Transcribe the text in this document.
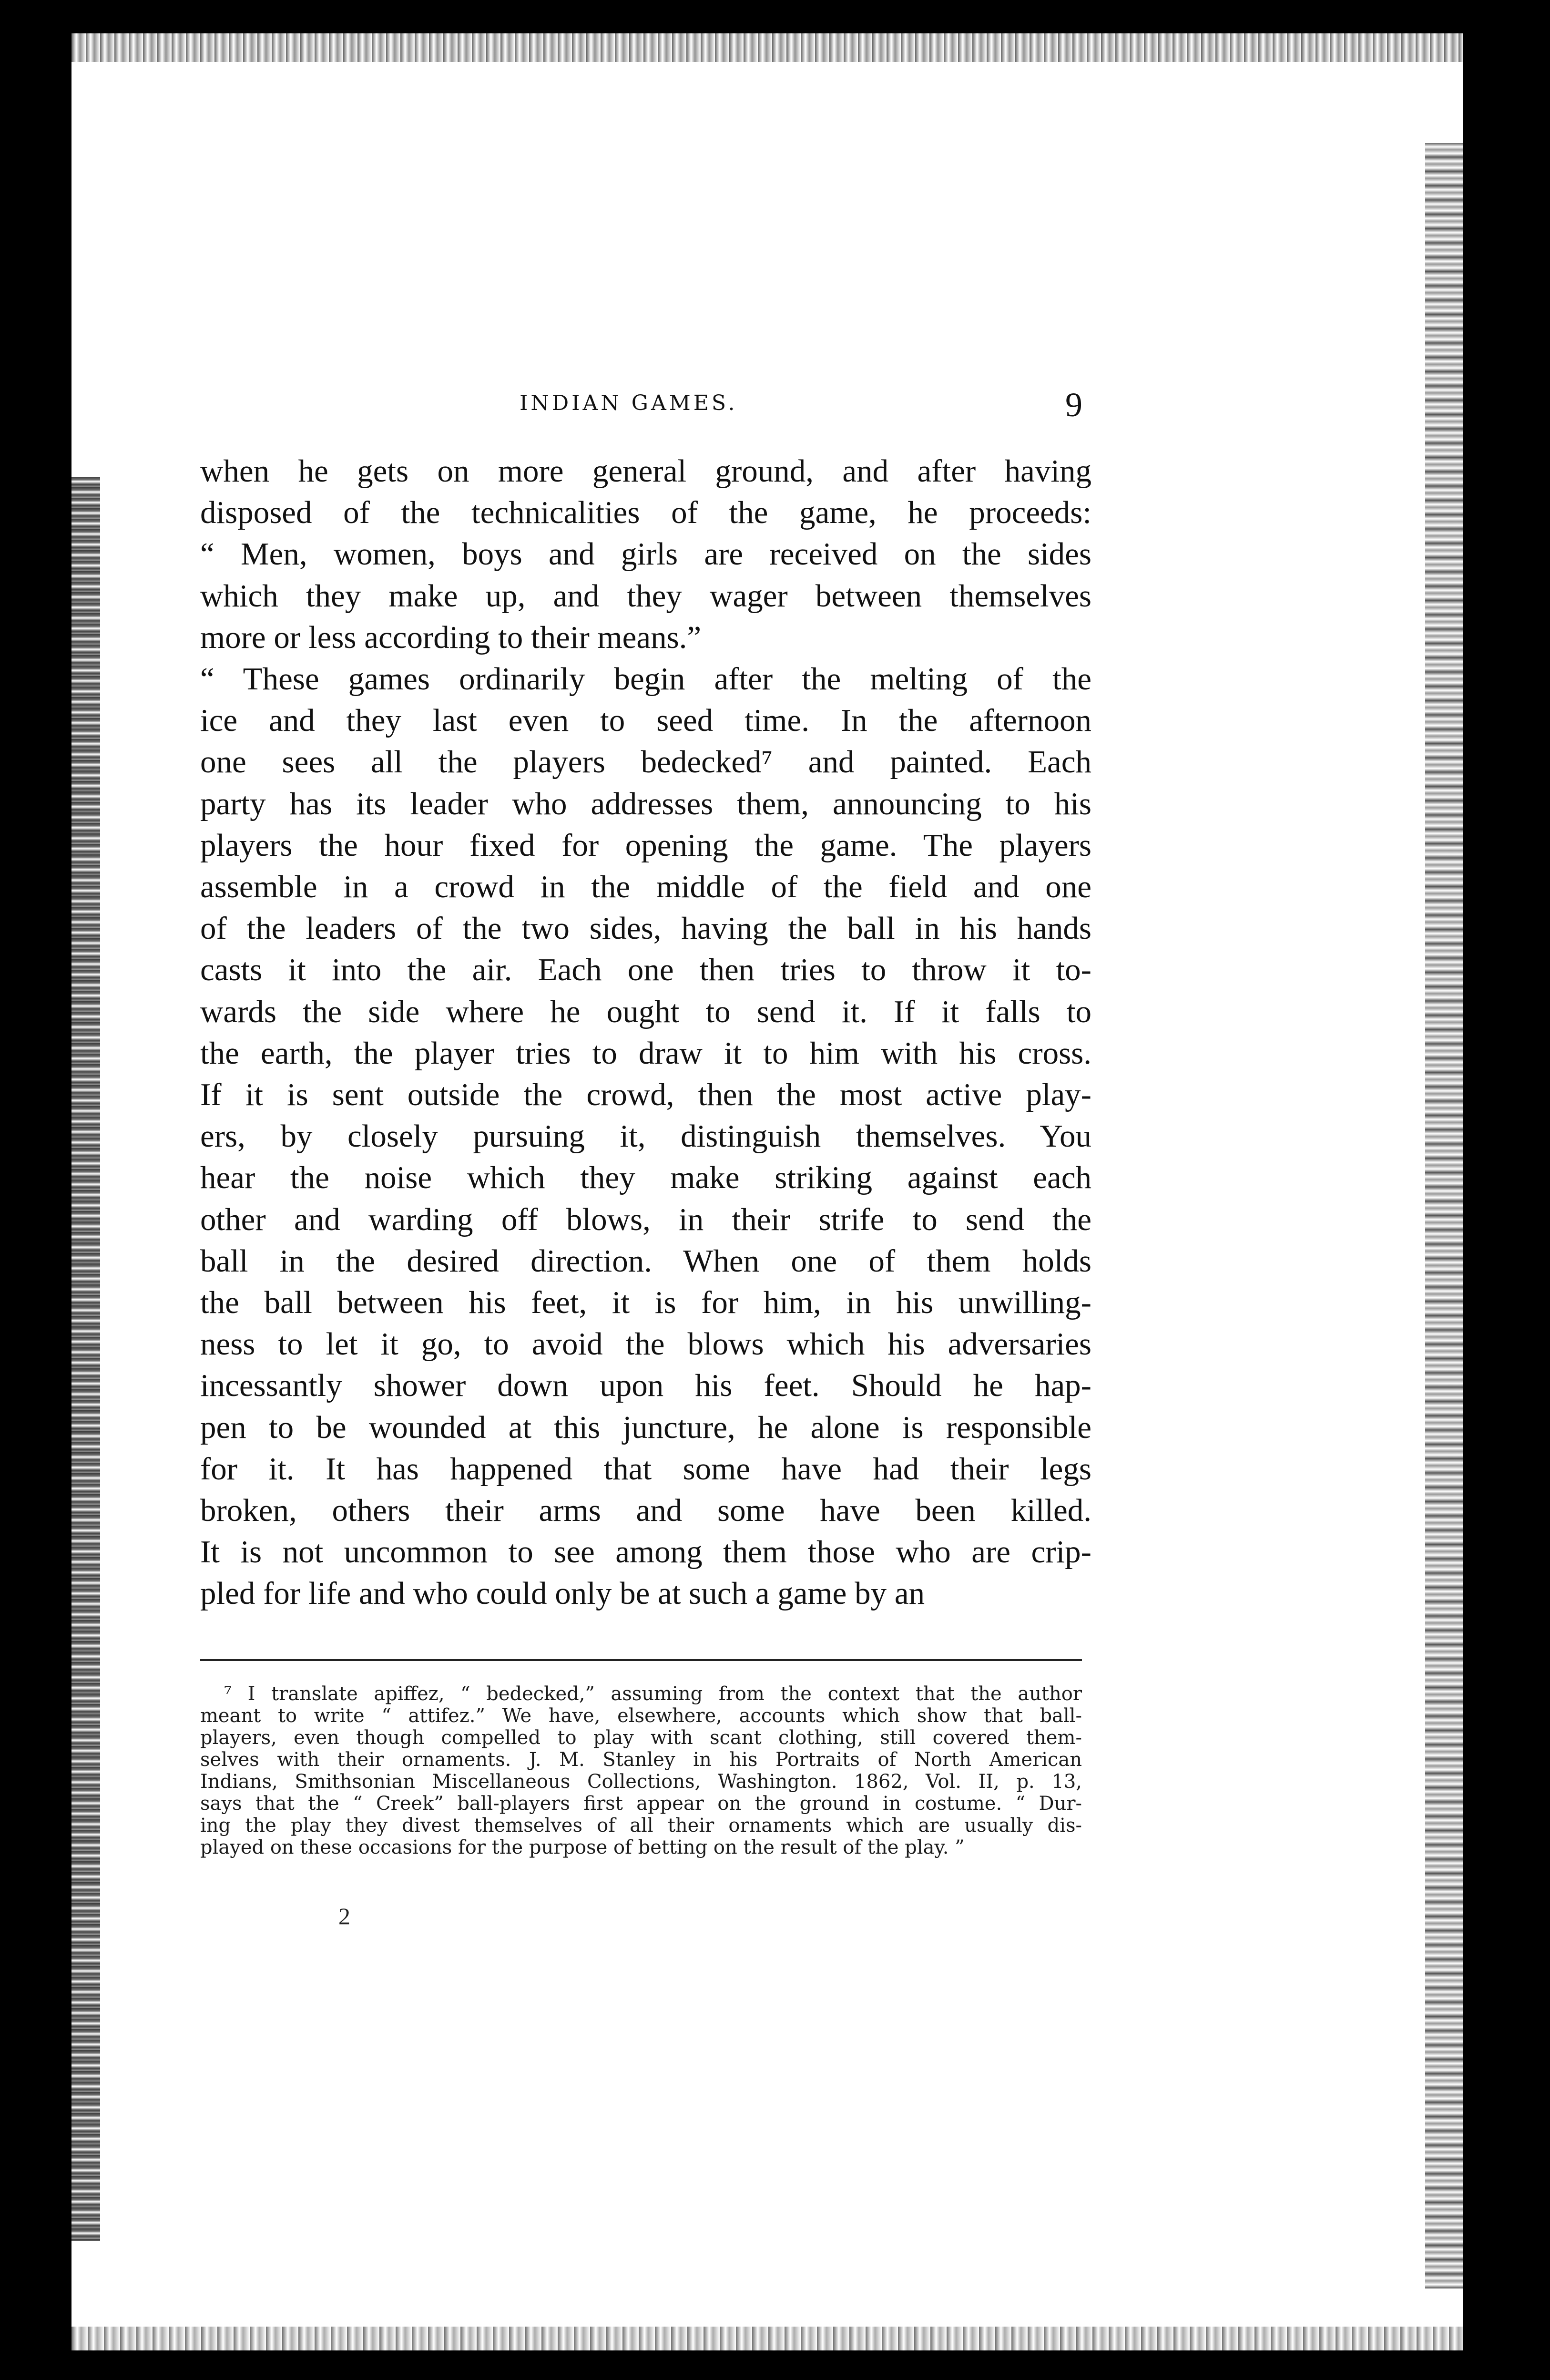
INDIAN GAMES.	9
when he gets on more general ground, and after having
disposed of the technicalities of the game, he proceeds:
“ Men, women, boys and girls are received on the sides
which they make up, and they wager between themselves
more or less according to their means.”
“ These games ordinarily begin after the melting of the
ice and they last even to seed time. In the afternoon
one sees all the players bedecked⁷ and painted. Each
party has its leader who addresses them, announcing to his
players the hour fixed for opening the game. The players
assemble in a crowd in the middle of the field and one
of the leaders of the two sides, having the ball in his hands
casts it into the air. Each one then tries to throw it to-
wards the side where he ought to send it. If it falls to
the earth, the player tries to draw it to him with his cross.
If it is sent outside the crowd, then the most active play-
ers, by closely pursuing it, distinguish themselves. You
hear the noise which they make striking against each
other and warding off blows, in their strife to send the
ball in the desired direction. When one of them holds
the ball between his feet, it is for him, in his unwilling-
ness to let it go, to avoid the blows which his adversaries
incessantly shower down upon his feet. Should he hap-
pen to be wounded at this juncture, he alone is responsible
for it. It has happened that some have had their legs
broken, others their arms and some have been killed.
It is not uncommon to see among them those who are crip-
pled for life and who could only be at such a game by an
⁷ I translate apiffez, “ bedecked,” assuming from the context that the author
meant to write “ attifez.” We have, elsewhere, accounts which show that ball-
players, even though compelled to play with scant clothing, still covered them-
selves with their ornaments. J. M. Stanley in his Portraits of North American
Indians, Smithsonian Miscellaneous Collections, Washington. 1862, Vol. II, p. 13,
says that the “ Creek” ball-players first appear on the ground in costume. “ Dur-
ing the play they divest themselves of all their ornaments which are usually dis-
played on these occasions for the purpose of betting on the result of the play. ”
2
